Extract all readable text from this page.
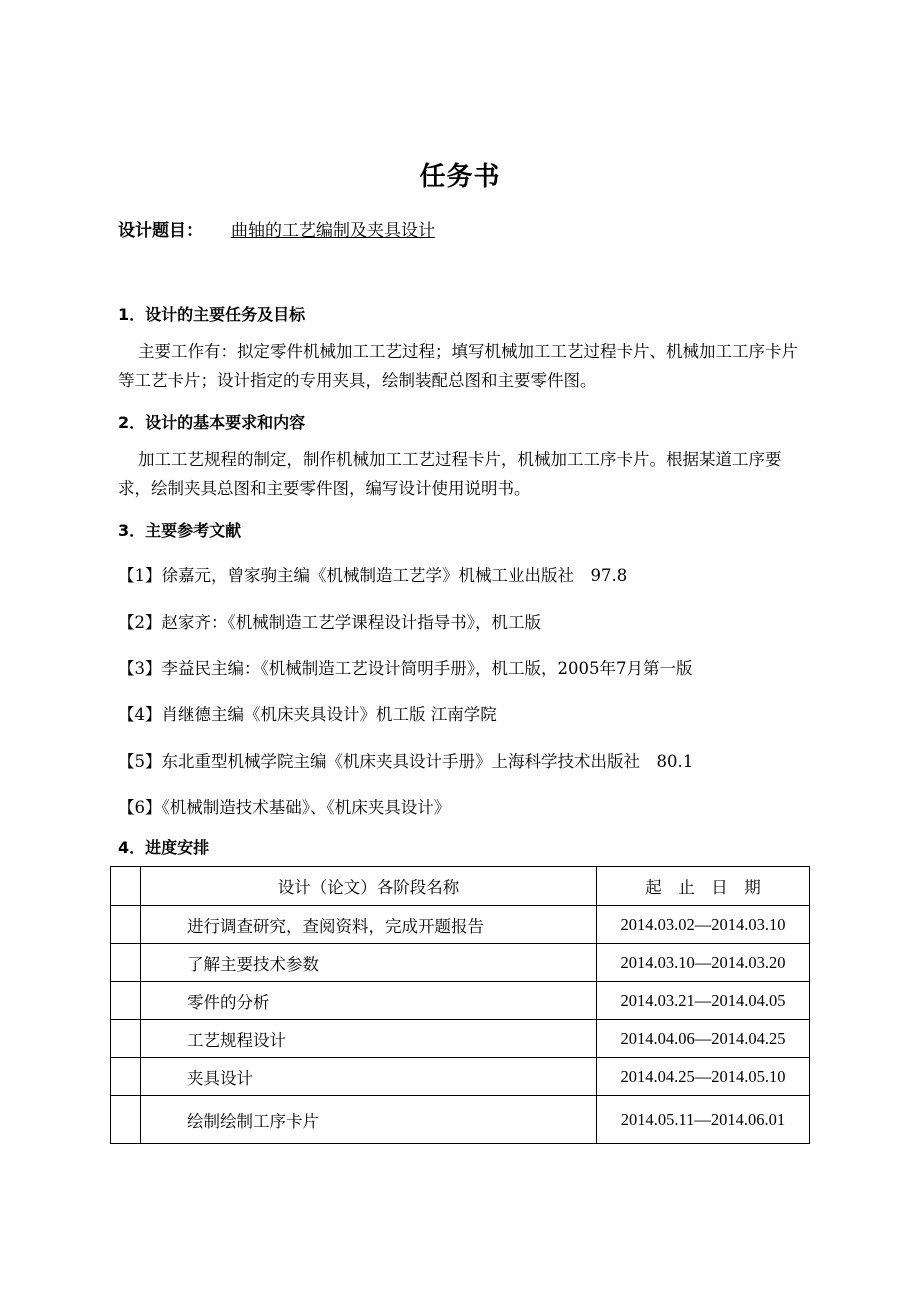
任务书
设计题目： 曲轴的工艺编制及夹具设计
1．设计的主要任务及目标
主要工作有：拟定零件机械加工工艺过程；填写机械加工工艺过程卡片、机械加工工序卡片等工艺卡片；设计指定的专用夹具，绘制装配总图和主要零件图。
2．设计的基本要求和内容
加工工艺规程的制定，制作机械加工工艺过程卡片，机械加工工序卡片。根据某道工序要求，绘制夹具总图和主要零件图，编写设计使用说明书。
3．主要参考文献
【1】徐嘉元，曾家驹主编《机械制造工艺学》机械工业出版社　97.8
【2】赵家齐：《机械制造工艺学课程设计指导书》，机工版
【3】李益民主编：《机械制造工艺设计简明手册》，机工版，2005年7月第一版
【4】肖继德主编《机床夹具设计》机工版 江南学院
【5】东北重型机械学院主编《机床夹具设计手册》上海科学技术出版社　80.1
【6】《机械制造技术基础》、《机床夹具设计》
4．进度安排
	设计（论文）各阶段名称	起　止　日　期
	进行调查研究，查阅资料，完成开题报告	2014.03.02—2014.03.10
	了解主要技术参数	2014.03.10—2014.03.20
	零件的分析	2014.03.21—2014.04.05
	工艺规程设计	2014.04.06—2014.04.25
	夹具设计	2014.04.25—2014.05.10
	绘制绘制工序卡片	2014.05.11—2014.06.01
